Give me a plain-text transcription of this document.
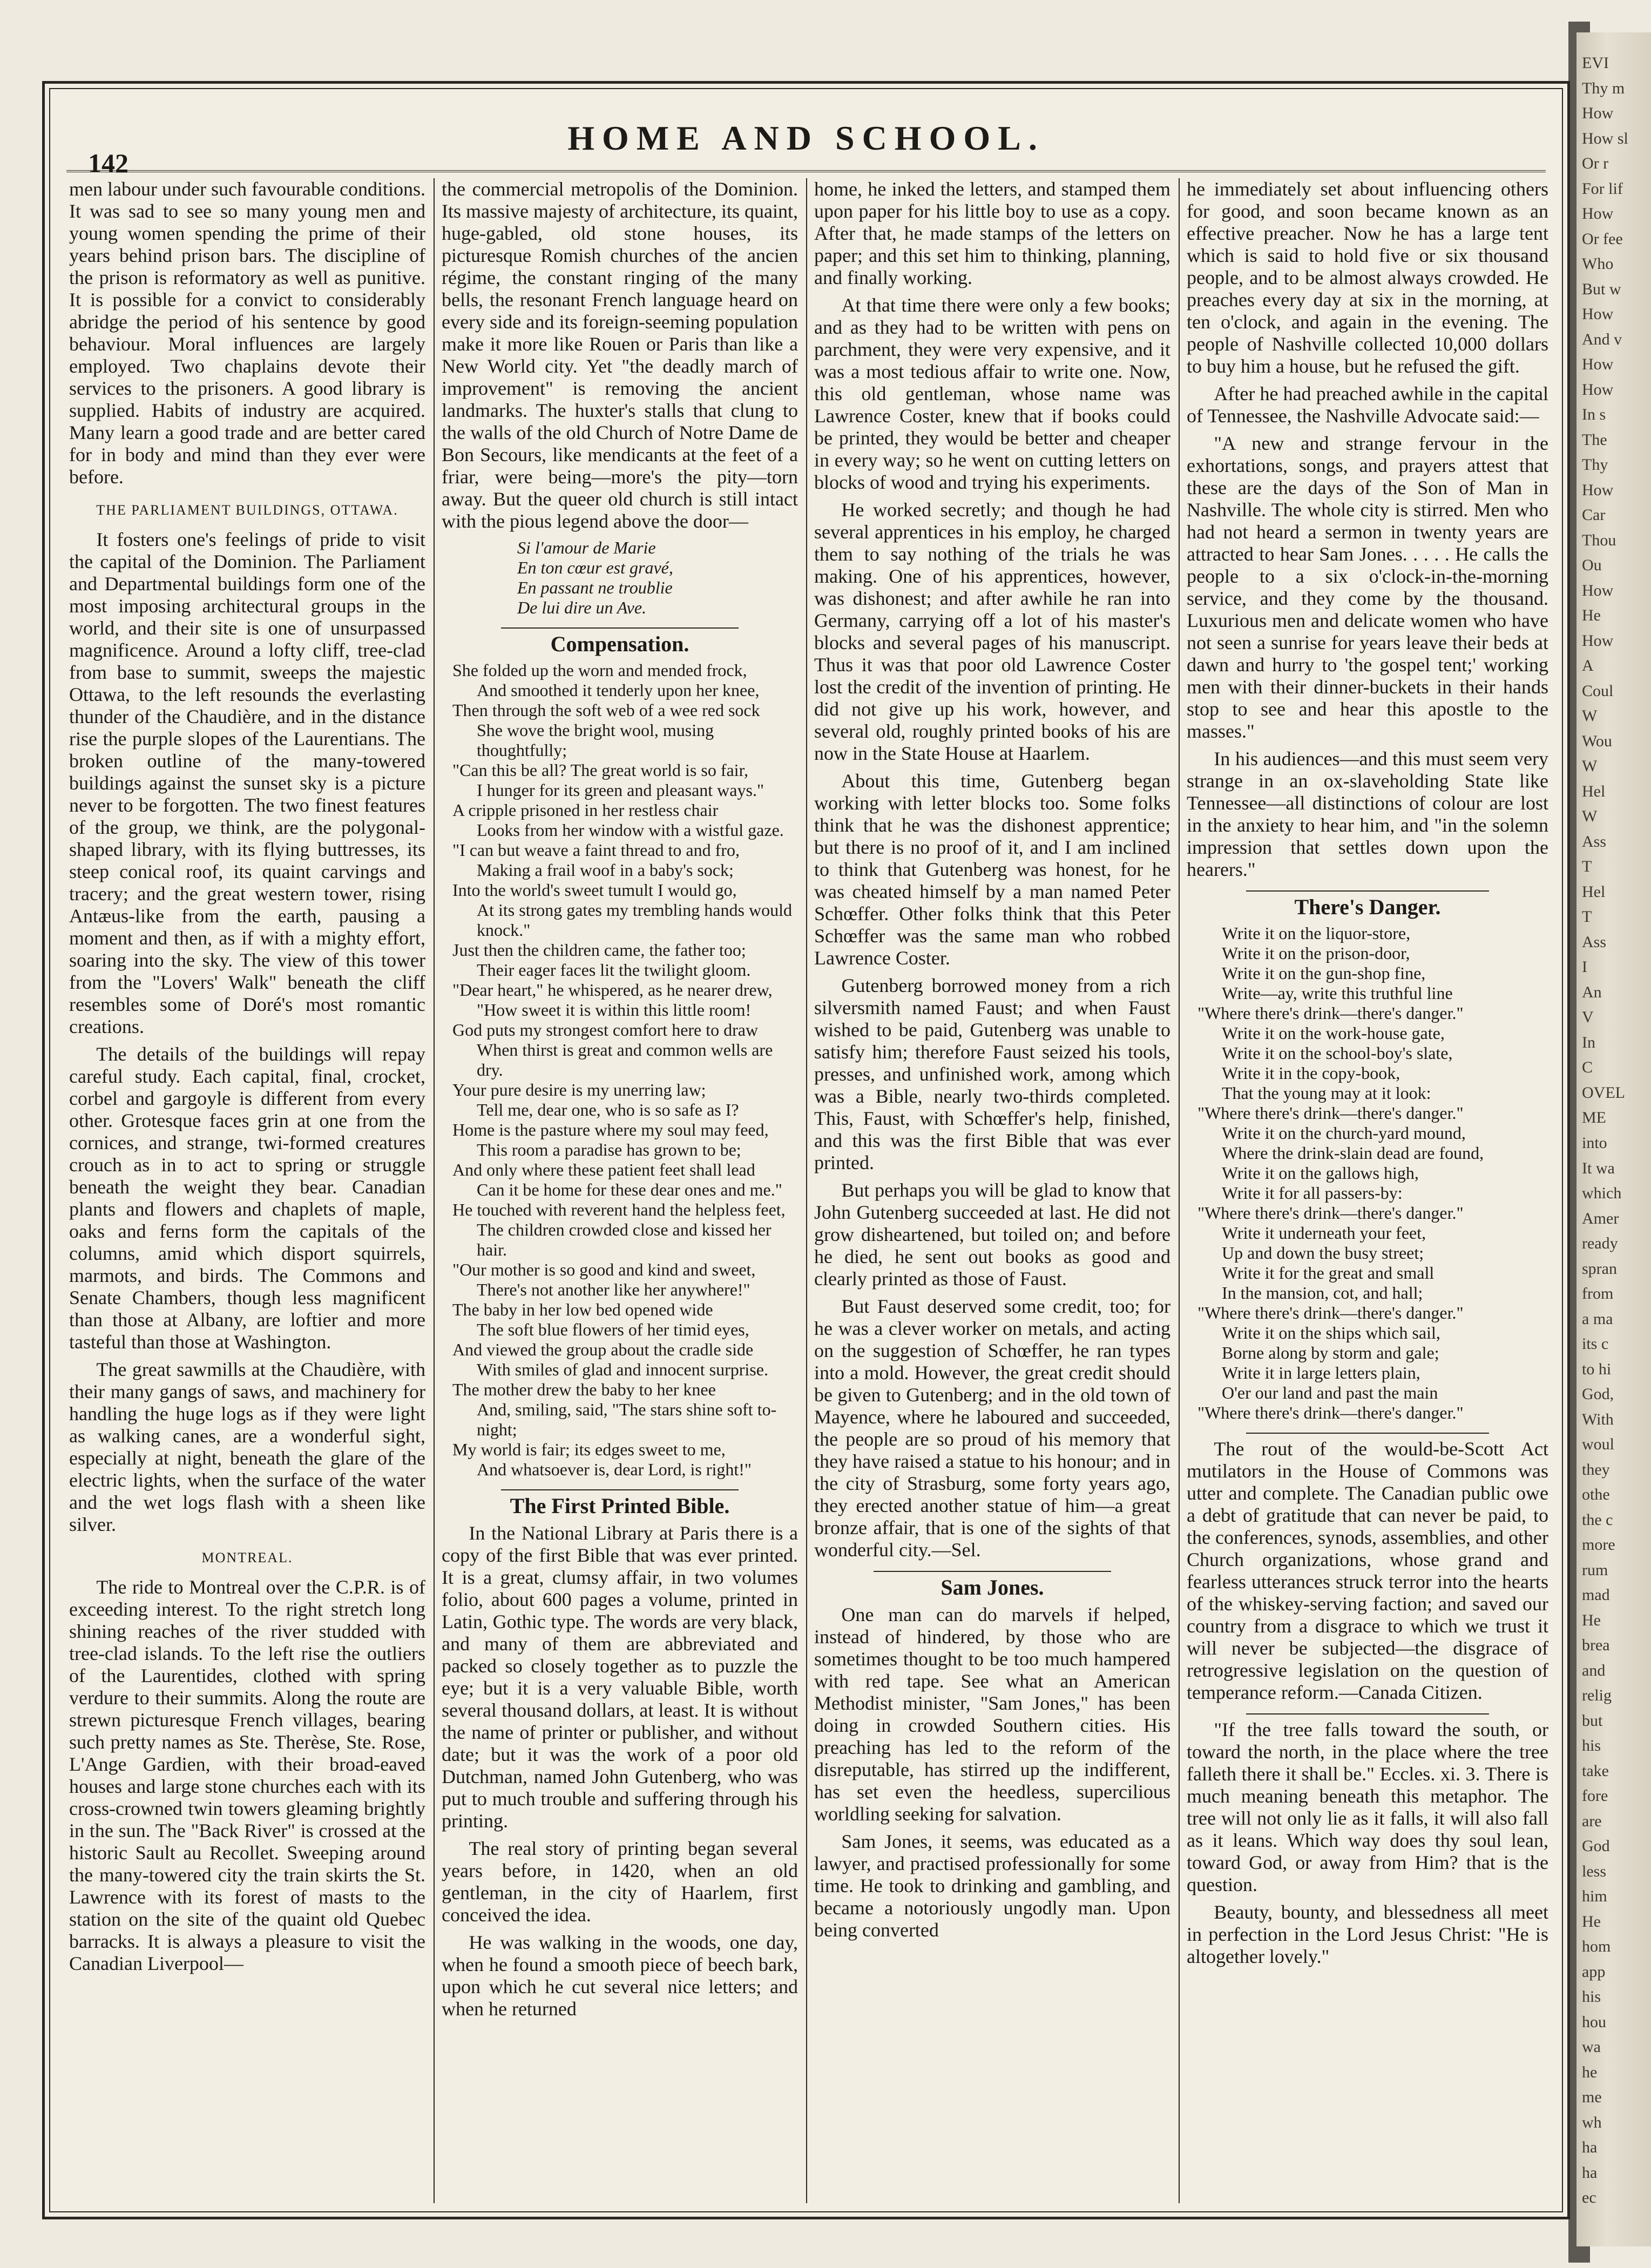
142
HOME AND SCHOOL.

men labour under such favourable conditions. It was sad to see so many young men and young women spending the prime of their years behind prison bars. The discipline of the prison is reformatory as well as punitive. It is possible for a convict to considerably abridge the period of his sentence by good behaviour. Moral influences are largely employed. Two chaplains devote their services to the prisoners. A good library is supplied. Habits of industry are acquired. Many learn a good trade and are better cared for in body and mind than they ever were before.

THE PARLIAMENT BUILDINGS, OTTAWA.

It fosters one's feelings of pride to visit the capital of the Dominion. The Parliament and Departmental buildings form one of the most imposing architectural groups in the world, and their site is one of unsurpassed magnificence. Around a lofty cliff, tree-clad from base to summit, sweeps the majestic Ottawa, to the left resounds the everlasting thunder of the Chaudière, and in the distance rise the purple slopes of the Laurentians. The broken outline of the many-towered buildings against the sunset sky is a picture never to be forgotten. The two finest features of the group, we think, are the polygonal-shaped library, with its flying buttresses, its steep conical roof, its quaint carvings and tracery; and the great western tower, rising Antæus-like from the earth, pausing a moment and then, as if with a mighty effort, soaring into the sky. The view of this tower from the "Lovers' Walk" beneath the cliff resembles some of Doré's most romantic creations.

The details of the buildings will repay careful study. Each capital, final, crocket, corbel and gargoyle is different from every other. Grotesque faces grin at one from the cornices, and strange, twi-formed creatures crouch as in to act to spring or struggle beneath the weight they bear. Canadian plants and flowers and chaplets of maple, oaks and ferns form the capitals of the columns, amid which disport squirrels, marmots, and birds. The Commons and Senate Chambers, though less magnificent than those at Albany, are loftier and more tasteful than those at Washington.

The great sawmills at the Chaudière, with their many gangs of saws, and machinery for handling the huge logs as if they were light as walking canes, are a wonderful sight, especially at night, beneath the glare of the electric lights, when the surface of the water and the wet logs flash with a sheen like silver.

MONTREAL.

The ride to Montreal over the C.P.R. is of exceeding interest. To the right stretch long shining reaches of the river studded with tree-clad islands. To the left rise the outliers of the Laurentides, clothed with spring verdure to their summits. Along the route are strewn picturesque French villages, bearing such pretty names as Ste. Therèse, Ste. Rose, L'Ange Gardien, with their broad-eaved houses and large stone churches each with its cross-crowned twin towers gleaming brightly in the sun. The "Back River" is crossed at the historic Sault au Recollet. Sweeping around the many-towered city the train skirts the St. Lawrence with its forest of masts to the station on the site of the quaint old Quebec barracks. It is always a pleasure to visit the Canadian Liverpool—

the commercial metropolis of the Dominion. Its massive majesty of architecture, its quaint, huge-gabled, old stone houses, its picturesque Romish churches of the ancien régime, the constant ringing of the many bells, the resonant French language heard on every side and its foreign-seeming population make it more like Rouen or Paris than like a New World city. Yet "the deadly march of improvement" is removing the ancient landmarks. The huxter's stalls that clung to the walls of the old Church of Notre Dame de Bon Secours, like mendicants at the feet of a friar, were being—more's the pity—torn away. But the queer old church is still intact with the pious legend above the door—

Si l'amour de Marie
En ton cœur est gravé,
En passant ne troublie
De lui dire un Ave.
Compensation.
She folded up the worn and mended frock,
And smoothed it tenderly upon her knee,
Then through the soft web of a wee red sock
She wove the bright wool, musing thoughtfully;
"Can this be all? The great world is so fair,
I hunger for its green and pleasant ways."
A cripple prisoned in her restless chair
Looks from her window with a wistful gaze.
"I can but weave a faint thread to and fro,
Making a frail woof in a baby's sock;
Into the world's sweet tumult I would go,
At its strong gates my trembling hands would knock."
Just then the children came, the father too;
Their eager faces lit the twilight gloom.
"Dear heart," he whispered, as he nearer drew,
"How sweet it is within this little room!
God puts my strongest comfort here to draw
When thirst is great and common wells are dry.
Your pure desire is my unerring law;
Tell me, dear one, who is so safe as I?
Home is the pasture where my soul may feed,
This room a paradise has grown to be;
And only where these patient feet shall lead
Can it be home for these dear ones and me."
He touched with reverent hand the helpless feet,
The children crowded close and kissed her hair.
"Our mother is so good and kind and sweet,
There's not another like her anywhere!"
The baby in her low bed opened wide
The soft blue flowers of her timid eyes,
And viewed the group about the cradle side
With smiles of glad and innocent surprise.
The mother drew the baby to her knee
And, smiling, said, "The stars shine soft to-night;
My world is fair; its edges sweet to me,
And whatsoever is, dear Lord, is right!"
The First Printed Bible.

In the National Library at Paris there is a copy of the first Bible that was ever printed. It is a great, clumsy affair, in two volumes folio, about 600 pages a volume, printed in Latin, Gothic type. The words are very black, and many of them are abbreviated and packed so closely together as to puzzle the eye; but it is a very valuable Bible, worth several thousand dollars, at least. It is without the name of printer or publisher, and without date; but it was the work of a poor old Dutchman, named John Gutenberg, who was put to much trouble and suffering through his printing.

The real story of printing began several years before, in 1420, when an old gentleman, in the city of Haarlem, first conceived the idea.

He was walking in the woods, one day, when he found a smooth piece of beech bark, upon which he cut several nice letters; and when he returned

home, he inked the letters, and stamped them upon paper for his little boy to use as a copy. After that, he made stamps of the letters on paper; and this set him to thinking, planning, and finally working.

At that time there were only a few books; and as they had to be written with pens on parchment, they were very expensive, and it was a most tedious affair to write one. Now, this old gentleman, whose name was Lawrence Coster, knew that if books could be printed, they would be better and cheaper in every way; so he went on cutting letters on blocks of wood and trying his experiments.

He worked secretly; and though he had several apprentices in his employ, he charged them to say nothing of the trials he was making. One of his apprentices, however, was dishonest; and after awhile he ran into Germany, carrying off a lot of his master's blocks and several pages of his manuscript. Thus it was that poor old Lawrence Coster lost the credit of the invention of printing. He did not give up his work, however, and several old, roughly printed books of his are now in the State House at Haarlem.

About this time, Gutenberg began working with letter blocks too. Some folks think that he was the dishonest apprentice; but there is no proof of it, and I am inclined to think that Gutenberg was honest, for he was cheated himself by a man named Peter Schœffer. Other folks think that this Peter Schœffer was the same man who robbed Lawrence Coster.

Gutenberg borrowed money from a rich silversmith named Faust; and when Faust wished to be paid, Gutenberg was unable to satisfy him; therefore Faust seized his tools, presses, and unfinished work, among which was a Bible, nearly two-thirds completed. This, Faust, with Schœffer's help, finished, and this was the first Bible that was ever printed.

But perhaps you will be glad to know that John Gutenberg succeeded at last. He did not grow disheartened, but toiled on; and before he died, he sent out books as good and clearly printed as those of Faust.

But Faust deserved some credit, too; for he was a clever worker on metals, and acting on the suggestion of Schœffer, he ran types into a mold. However, the great credit should be given to Gutenberg; and in the old town of Mayence, where he laboured and succeeded, the people are so proud of his memory that they have raised a statue to his honour; and in the city of Strasburg, some forty years ago, they erected another statue of him—a great bronze affair, that is one of the sights of that wonderful city.—Sel.

Sam Jones.

One man can do marvels if helped, instead of hindered, by those who are sometimes thought to be too much hampered with red tape. See what an American Methodist minister, "Sam Jones," has been doing in crowded Southern cities. His preaching has led to the reform of the disreputable, has stirred up the indifferent, has set even the heedless, supercilious worldling seeking for salvation.

Sam Jones, it seems, was educated as a lawyer, and practised professionally for some time. He took to drinking and gambling, and became a notoriously ungodly man. Upon being converted

he immediately set about influencing others for good, and soon became known as an effective preacher. Now he has a large tent which is said to hold five or six thousand people, and to be almost always crowded. He preaches every day at six in the morning, at ten o'clock, and again in the evening. The people of Nashville collected 10,000 dollars to buy him a house, but he refused the gift.

After he had preached awhile in the capital of Tennessee, the Nashville Advocate said:—

"A new and strange fervour in the exhortations, songs, and prayers attest that these are the days of the Son of Man in Nashville. The whole city is stirred. Men who had not heard a sermon in twenty years are attracted to hear Sam Jones. . . . . He calls the people to a six o'clock-in-the-morning service, and they come by the thousand. Luxurious men and delicate women who have not seen a sunrise for years leave their beds at dawn and hurry to 'the gospel tent;' working men with their dinner-buckets in their hands stop to see and hear this apostle to the masses."

In his audiences—and this must seem very strange in an ox-slaveholding State like Tennessee—all distinctions of colour are lost in the anxiety to hear him, and "in the solemn impression that settles down upon the hearers."

There's Danger.
Write it on the liquor-store,
Write it on the prison-door,
Write it on the gun-shop fine,
Write—ay, write this truthful line
"Where there's drink—there's danger."
Write it on the work-house gate,
Write it on the school-boy's slate,
Write it in the copy-book,
That the young may at it look:
"Where there's drink—there's danger."
Write it on the church-yard mound,
Where the drink-slain dead are found,
Write it on the gallows high,
Write it for all passers-by:
"Where there's drink—there's danger."
Write it underneath your feet,
Up and down the busy street;
Write it for the great and small
In the mansion, cot, and hall;
"Where there's drink—there's danger."
Write it on the ships which sail,
Borne along by storm and gale;
Write it in large letters plain,
O'er our land and past the main
"Where there's drink—there's danger."

The rout of the would-be-Scott Act mutilators in the House of Commons was utter and complete. The Canadian public owe a debt of gratitude that can never be paid, to the conferences, synods, assemblies, and other Church organizations, whose grand and fearless utterances struck terror into the hearts of the whiskey-serving faction; and saved our country from a disgrace to which we trust it will never be subjected—the disgrace of retrogressive legislation on the question of temperance reform.—Canada Citizen.

"If the tree falls toward the south, or toward the north, in the place where the tree falleth there it shall be." Eccles. xi. 3. There is much meaning beneath this metaphor. The tree will not only lie as it falls, it will also fall as it leans. Which way does thy soul lean, toward God, or away from Him? that is the question.

Beauty, bounty, and blessedness all meet in perfection in the Lord Jesus Christ: "He is altogether lovely."

EVI
Thy m
How
How sl
Or r
For lif
How
Or fee
Who
But w
How
And v
How
How
In s
The
Thy
How
Car
Thou
Ou
How
He
How
A
Coul
W
Wou
W
Hel
W
Ass
T
Hel
T
Ass
I
An
V
In
C
OVEL
ME
into
It wa
which
Amer
ready
spran
from
a ma
its c
to hi
God,
With
woul
they
othe
the c
more
rum
mad
He
brea
and
relig
but
his
take
fore
are
God
less
him
He
hom
app
his
hou
wa
he
me
wh
ha
ha
ec
